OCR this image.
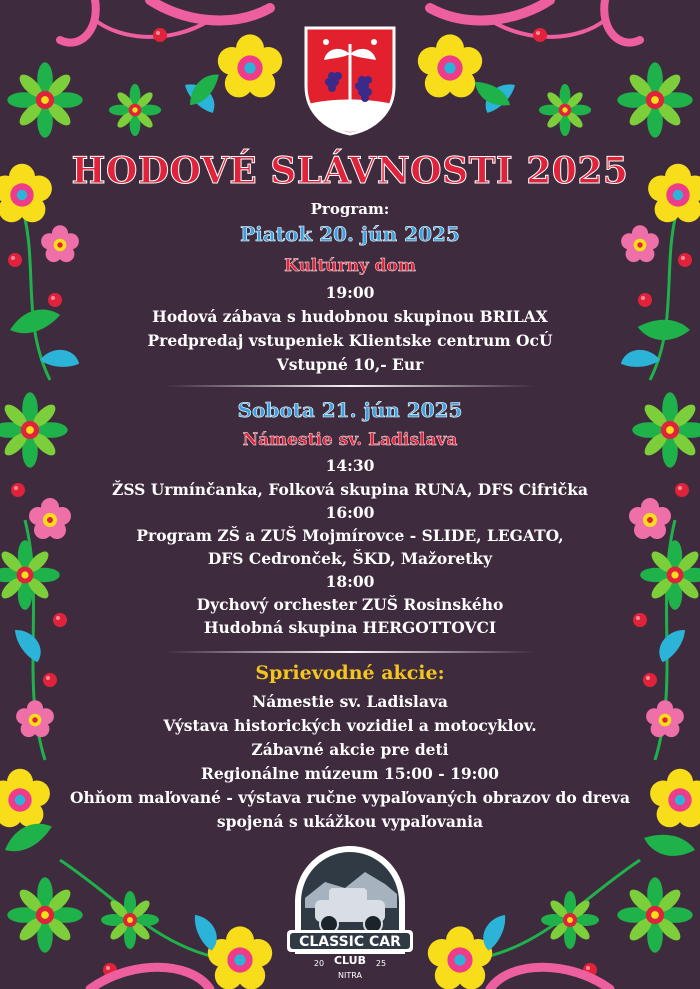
HODOVÉ SLÁVNOSTI 2025
Program:
Piatok 20. jún 2025
Kultúrny dom
19:00
Hodová zábava s hudobnou skupinou BRILAX
Predpredaj vstupeniek Klientske centrum OcÚ
Vstupné 10,- Eur
Sobota 21. jún 2025
Námestie sv. Ladislava
14:30
ŽSS Urmínčanka, Folková skupina RUNA, DFS Cifrička
16:00
Program ZŠ a ZUŠ Mojmírovce - SLIDE, LEGATO,
DFS Cedronček, ŠKD, Mažoretky
18:00
Dychový orchester ZUŠ Rosinského
Hudobná skupina HERGOTTOVCI
Sprievodné akcie:
Námestie sv. Ladislava
Výstava historických vozidiel a motocyklov.
Zábavné akcie pre deti
Regionálne múzeum 15:00 - 19:00
Ohňom maľované - výstava ručne vypaľovaných obrazov do dreva
spojená s ukážkou vypaľovania
CLASSIC CAR
CLUB
20	25
NITRA
